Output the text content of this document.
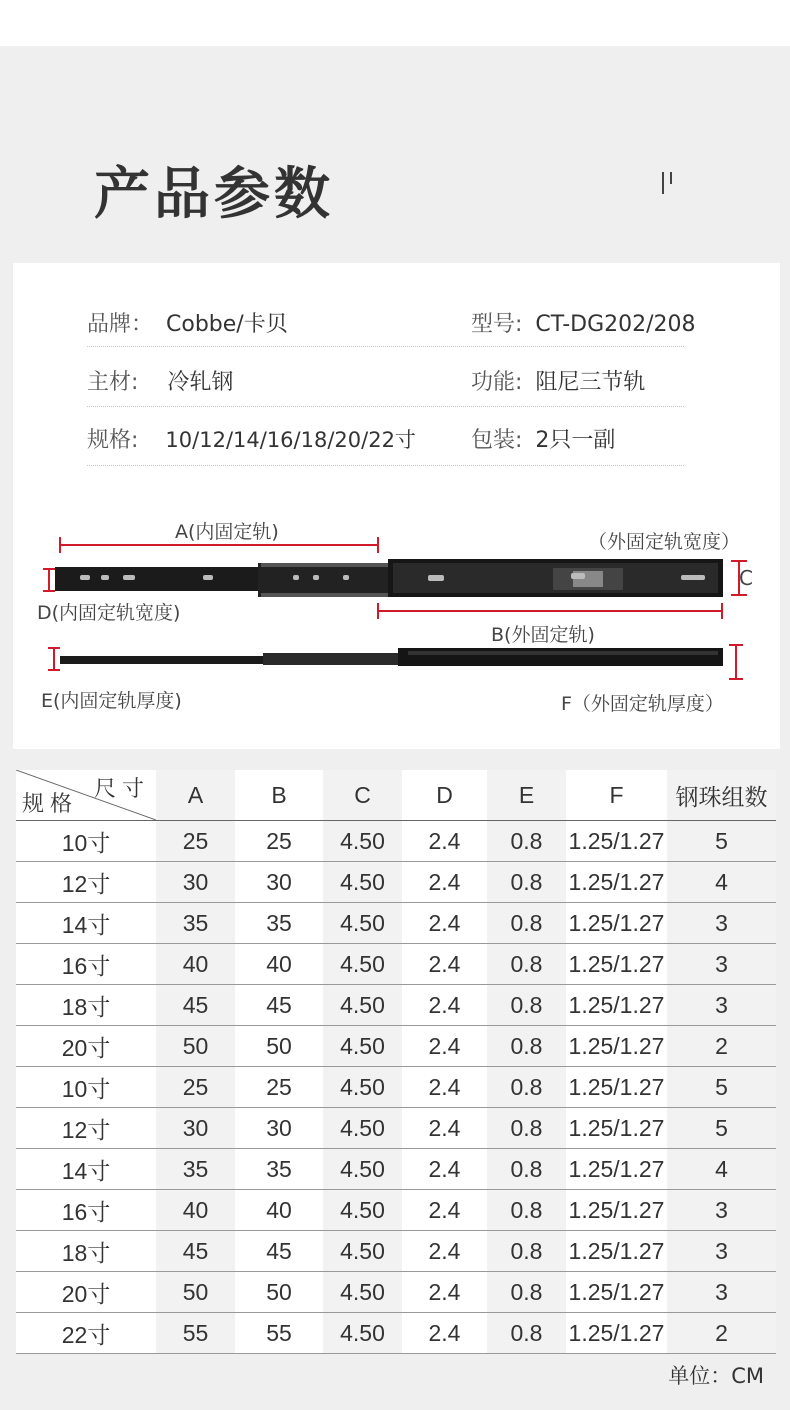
产品参数
品牌： Cobbe/卡贝	型号: CT-DG202/208
主材: 冷轧钢	功能: 阻尼三节轨
规格: 10/12/14/16/18/20/22寸	包装: 2只一副
A(内固定轨)	（外固定轨宽度）
C
D(内固定轨宽度)
B(外固定轨)
E(内固定轨厚度)	F（外固定轨厚度）
尺寸
规格	A	B	C	D	E	F	钢珠组数
10寸	25	25	4.50	2.4	0.8	1.25/1.27	5
12寸	30	30	4.50	2.4	0.8	1.25/1.27	4
14寸	35	35	4.50	2.4	0.8	1.25/1.27	3
16寸	40	40	4.50	2.4	0.8	1.25/1.27	3
18寸	45	45	4.50	2.4	0.8	1.25/1.27	3
20寸	50	50	4.50	2.4	0.8	1.25/1.27	2
10寸	25	25	4.50	2.4	0.8	1.25/1.27	5
12寸	30	30	4.50	2.4	0.8	1.25/1.27	5
14寸	35	35	4.50	2.4	0.8	1.25/1.27	4
16寸	40	40	4.50	2.4	0.8	1.25/1.27	3
18寸	45	45	4.50	2.4	0.8	1.25/1.27	3
20寸	50	50	4.50	2.4	0.8	1.25/1.27	3
22寸	55	55	4.50	2.4	0.8	1.25/1.27	2
单位：CM
